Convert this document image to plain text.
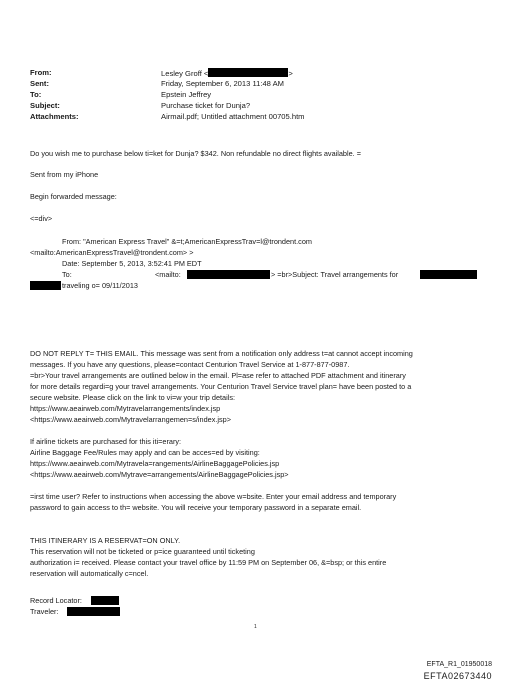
From:	Lesley Groff <	>
Sent:	Friday, September 6, 2013 11:48 AM
To:	Epstein Jeffrey
Subject:	Purchase ticket for Dunja?
Attachments:	Airmail.pdf; Untitled attachment 00705.htm
Do you wish me to purchase below ti=ket for Dunja? $342. Non refundable no direct flights available. =
Sent from my iPhone
Begin forwarded message:
<=div>
From: "American Express Travel" &=t;AmericanExpressTrav=l@trondent.com
<mailto:AmericanExpressTravel@trondent.com> >
Date: September 5, 2013, 3:52:41 PM EDT
To:	<mailto:	> =br>Subject: Travel arrangements for
traveling o= 09/11/2013
DO NOT REPLY T= THIS EMAIL. This message was sent from a notification only address t=at cannot accept incoming
messages. If you have any questions, please=contact Centurion Travel Service at 1-877-877-0987.
=br>Your travel arrangements are outlined below in the email. Pl=ase refer to attached PDF attachment and itinerary
for more details regardi=g your travel arrangements. Your Centurion Travel Service travel plan= have been posted to a
secure website. Please click on the link to vi=w your trip details:
https://www.aeairweb.com/Mytravelarrangements/index.jsp
<https://www.aeairweb.com/Mytravelarrangemen=s/index.jsp>
If airline tickets are purchased for this iti=erary:
Airline Baggage Fee/Rules may apply and can be acces=ed by visiting:
https://www.aeairweb.com/Mytravela=rangements/AirlineBaggagePolicies.jsp
<https://www.aeairweb.com/Mytrave=arrangements/AirlineBaggagePolicies.jsp>
=irst time user? Refer to instructions when accessing the above w=bsite. Enter your email address and temporary
password to gain access to th= website. You will receive your temporary password in a separate email.
THIS ITINERARY IS A RESERVAT=ON ONLY.
This reservation will not be ticketed or p=ice guaranteed until ticketing
authorization i= received. Please contact your travel office by 11:59 PM on September 06, &=bsp; or this entire
reservation will automatically c=ncel.
Record Locator:
Traveler:
1
EFTA_R1_01950018
EFTA02673440
